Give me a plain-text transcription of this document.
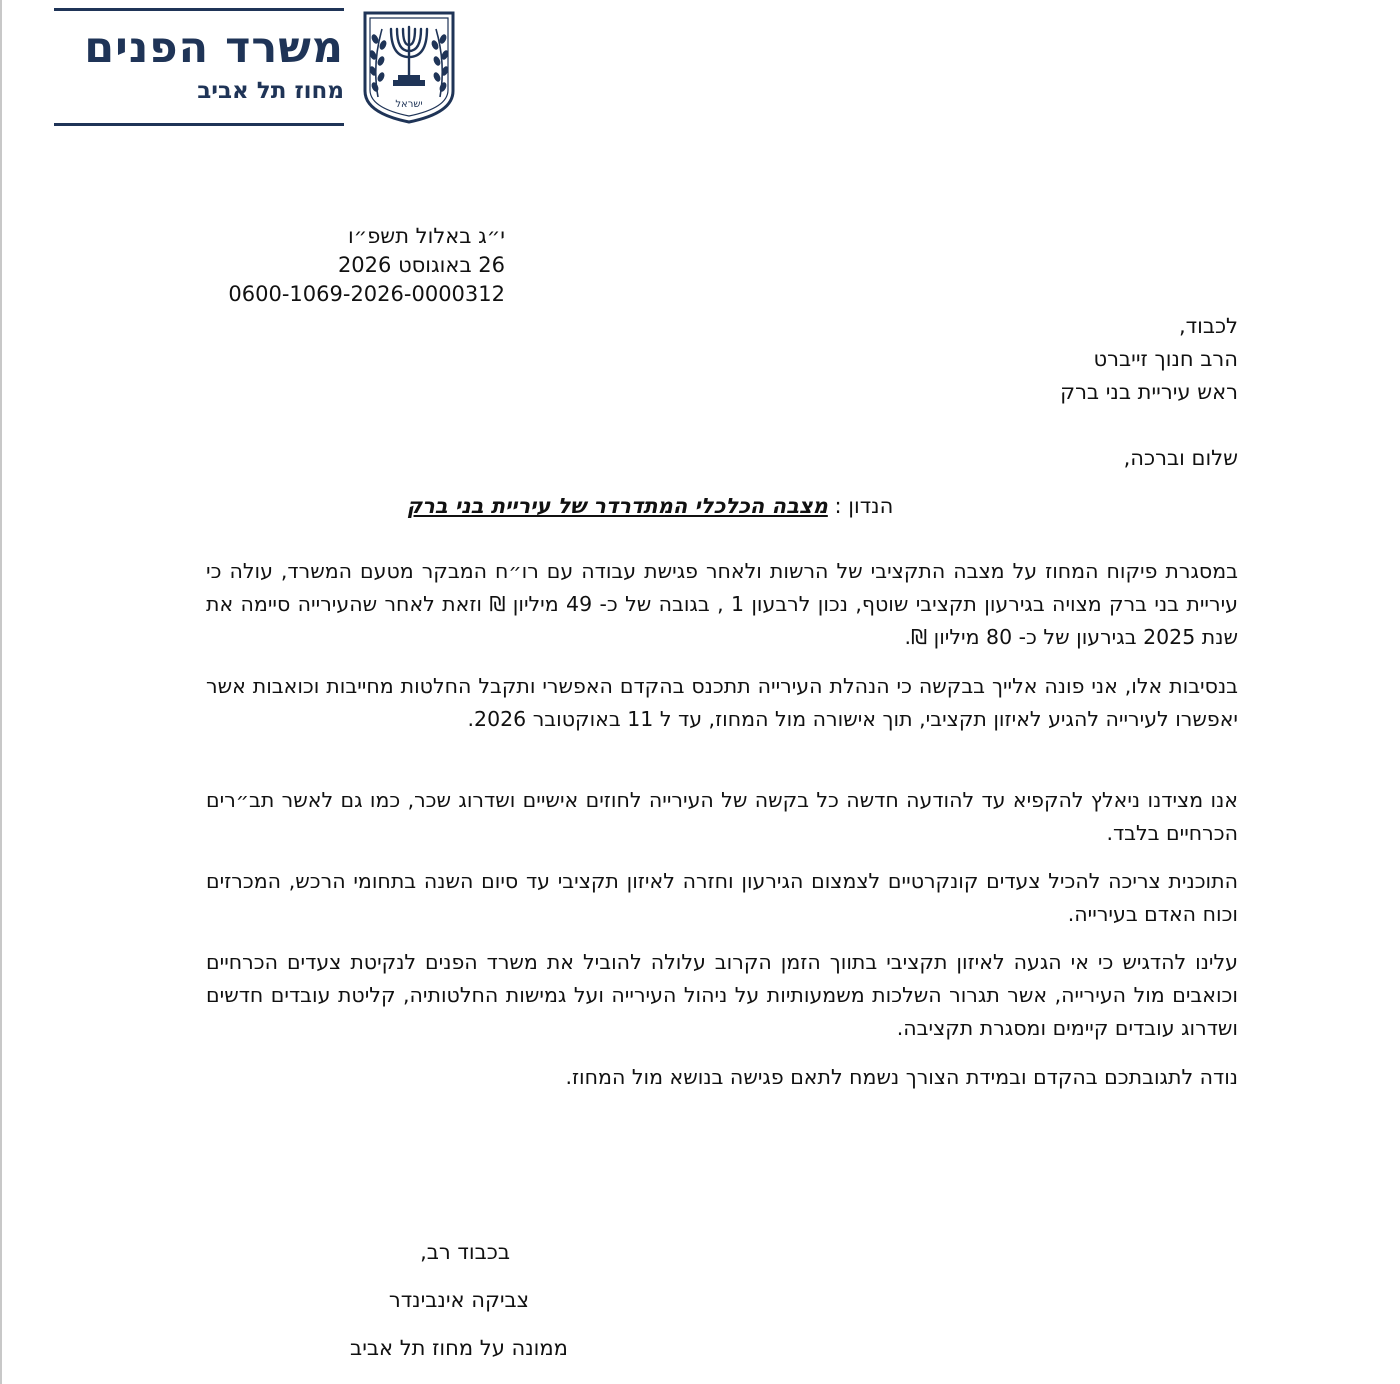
משרד הפנים
מחוז תל אביב
ישראל
י״ג באלול תשפ״ו
26 באוגוסט 2026
0600-1069-2026-0000312
לכבוד,
הרב חנוך זייברט
ראש עיריית בני ברק
שלום וברכה,
הנדון : מצבה הכלכלי המתדרדר של עיריית בני ברק
במסגרת פיקוח המחוז על מצבה התקציבי של הרשות ולאחר פגישת עבודה עם רו״ח המבקר מטעם המשרד, עולה כי עיריית בני ברק מצויה בגירעון תקציבי שוטף, נכון לרבעון 1 , בגובה של כ- 49 מיליון ₪ וזאת לאחר שהעירייה סיימה את שנת 2025 בגירעון של כ- 80 מיליון ₪.
בנסיבות אלו, אני פונה אלייך בבקשה כי הנהלת העירייה תתכנס בהקדם האפשרי ותקבל החלטות מחייבות וכואבות אשר יאפשרו לעירייה להגיע לאיזון תקציבי, תוך אישורה מול המחוז, עד ל 11 באוקטובר 2026.
אנו מצידנו ניאלץ להקפיא עד להודעה חדשה כל בקשה של העירייה לחוזים אישיים ושדרוג שכר, כמו גם לאשר תב״רים הכרחיים בלבד.
התוכנית צריכה להכיל צעדים קונקרטיים לצמצום הגירעון וחזרה לאיזון תקציבי עד סיום השנה בתחומי הרכש, המכרזים וכוח האדם בעירייה.
עלינו להדגיש כי אי הגעה לאיזון תקציבי בתווך הזמן הקרוב עלולה להוביל את משרד הפנים לנקיטת צעדים הכרחיים וכואבים מול העירייה, אשר תגרור השלכות משמעותיות על ניהול העירייה ועל גמישות החלטותיה, קליטת עובדים חדשים ושדרוג עובדים קיימים ומסגרת תקציבה.
נודה לתגובתכם בהקדם ובמידת הצורך נשמח לתאם פגישה בנושא מול המחוז.
בכבוד רב,
צביקה אינבינדר
ממונה על מחוז תל אביב
